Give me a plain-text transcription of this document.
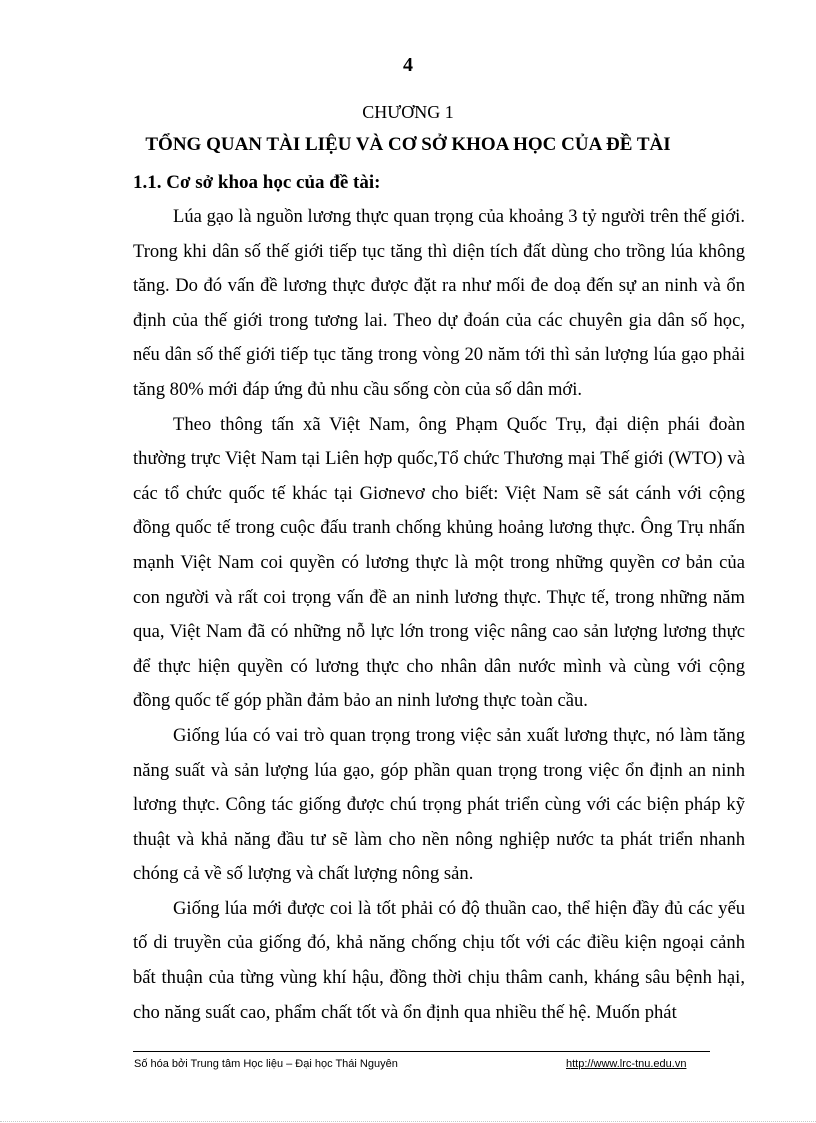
4
CHƯƠNG 1
TỔNG QUAN TÀI LIỆU VÀ CƠ SỞ KHOA HỌC CỦA ĐỀ TÀI
1.1. Cơ sở khoa học của đề tài:

Lúa gạo là nguồn lương thực quan trọng của khoảng 3 tỷ người trên thế giới. Trong khi dân số thế giới tiếp tục tăng thì diện tích đất dùng cho trồng lúa không tăng. Do đó vấn đề lương thực được đặt ra như mối đe doạ đến sự an ninh và ổn định của thế giới trong tương lai. Theo dự đoán của các chuyên gia dân số học, nếu dân số thế giới tiếp tục tăng trong vòng 20 năm tới thì sản lượng lúa gạo phải tăng 80% mới đáp ứng đủ nhu cầu sống còn của số dân mới.

Theo thông tấn xã Việt Nam, ông Phạm Quốc Trụ, đại diện phái đoàn thường trực Việt Nam tại Liên hợp quốc,Tổ chức Thương mại Thế giới (WTO) và các tổ chức quốc tế khác tại Giơnevơ cho biết: Việt Nam sẽ sát cánh với cộng đồng quốc tế trong cuộc đấu tranh chống khủng hoảng lương thực. Ông Trụ nhấn mạnh Việt Nam coi quyền có lương thực là một trong những quyền cơ bản của con người và rất coi trọng vấn đề an ninh lương thực. Thực tế, trong những năm qua, Việt Nam đã có những nỗ lực lớn trong việc nâng cao sản lượng lương thực để thực hiện quyền có lương thực cho nhân dân nước mình và cùng với cộng đồng quốc tế góp phần đảm bảo an ninh lương thực toàn cầu.

Giống lúa có vai trò quan trọng trong việc sản xuất lương thực, nó làm tăng năng suất và sản lượng lúa gạo, góp phần quan trọng trong việc ổn định an ninh lương thực. Công tác giống được chú trọng phát triển cùng với các biện pháp kỹ thuật và khả năng đầu tư sẽ làm cho nền nông nghiệp nước ta phát triển nhanh chóng cả về số lượng và chất lượng nông sản.

Giống lúa mới được coi là tốt phải có độ thuần cao, thể hiện đầy đủ các yếu tố di truyền của giống đó, khả năng chống chịu tốt với các điều kiện ngoại cảnh bất thuận của từng vùng khí hậu, đồng thời chịu thâm canh, kháng sâu bệnh hại, cho năng suất cao, phẩm chất tốt và ổn định qua nhiều thế hệ. Muốn phát

Số hóa bởi Trung tâm Học liệu – Đại học Thái Nguyên	http://www.lrc-tnu.edu.vn
